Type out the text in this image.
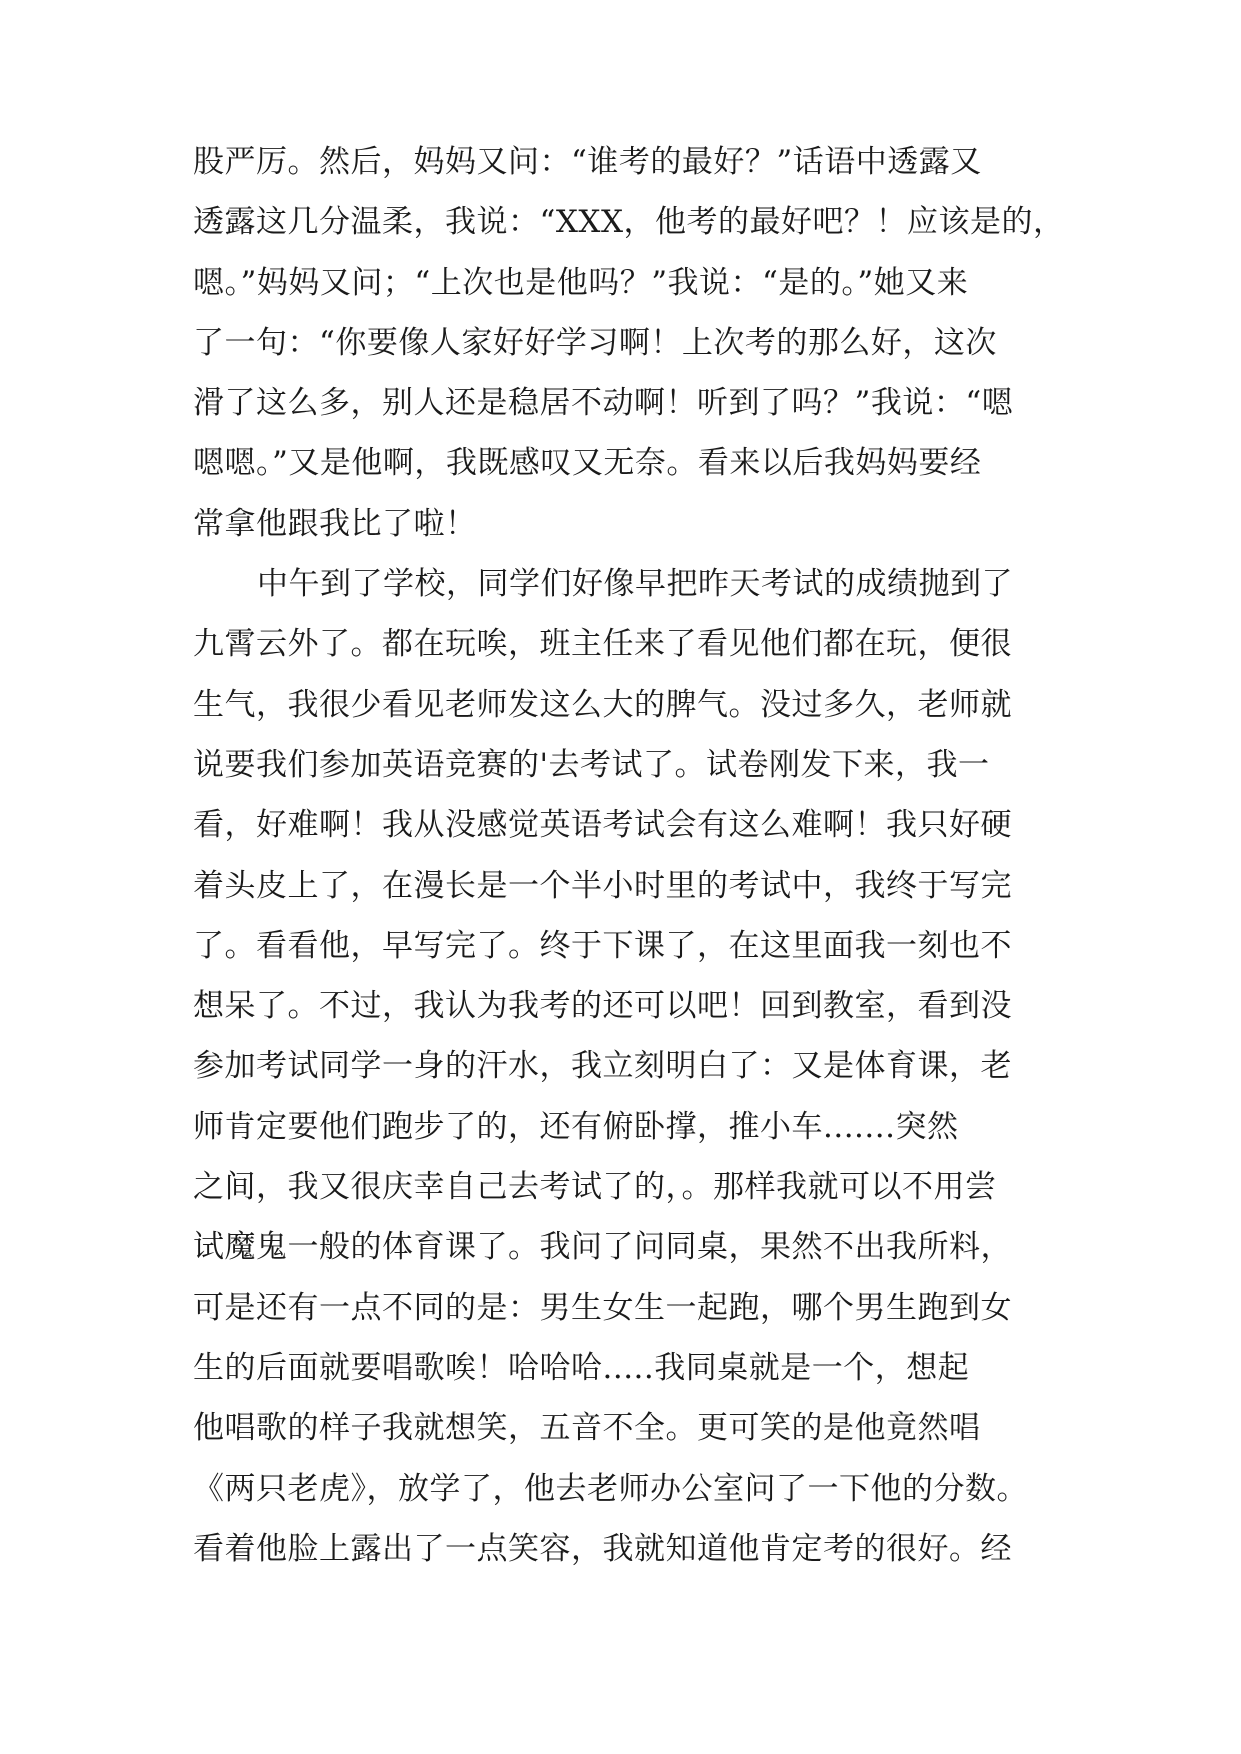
股严厉。然后，妈妈又问：“谁考的最好？”话语中透露又
透露这几分温柔，我说：“XXX，他考的最好吧？！应该是的，
嗯。”妈妈又问；“上次也是他吗？”我说：“是的。”她又来
了一句：“你要像人家好好学习啊！上次考的那么好，这次
滑了这么多，别人还是稳居不动啊！听到了吗？”我说：“嗯
嗯嗯。”又是他啊，我既感叹又无奈。看来以后我妈妈要经
常拿他跟我比了啦！
中午到了学校，同学们好像早把昨天考试的成绩抛到了
九霄云外了。都在玩唉，班主任来了看见他们都在玩，便很
生气，我很少看见老师发这么大的脾气。没过多久，老师就
说要我们参加英语竞赛的'去考试了。试卷刚发下来，我一
看，好难啊！我从没感觉英语考试会有这么难啊！我只好硬
着头皮上了，在漫长是一个半小时里的考试中，我终于写完
了。看看他，早写完了。终于下课了，在这里面我一刻也不
想呆了。不过，我认为我考的还可以吧！回到教室，看到没
参加考试同学一身的汗水，我立刻明白了：又是体育课，老
师肯定要他们跑步了的，还有俯卧撑，推小车.......突然
之间，我又很庆幸自己去考试了的，。那样我就可以不用尝
试魔鬼一般的体育课了。我问了问同桌，果然不出我所料，
可是还有一点不同的是：男生女生一起跑，哪个男生跑到女
生的后面就要唱歌唉！哈哈哈.....我同桌就是一个，想起
他唱歌的样子我就想笑，五音不全。更可笑的是他竟然唱
《两只老虎》，放学了，他去老师办公室问了一下他的分数。
看着他脸上露出了一点笑容，我就知道他肯定考的很好。经
